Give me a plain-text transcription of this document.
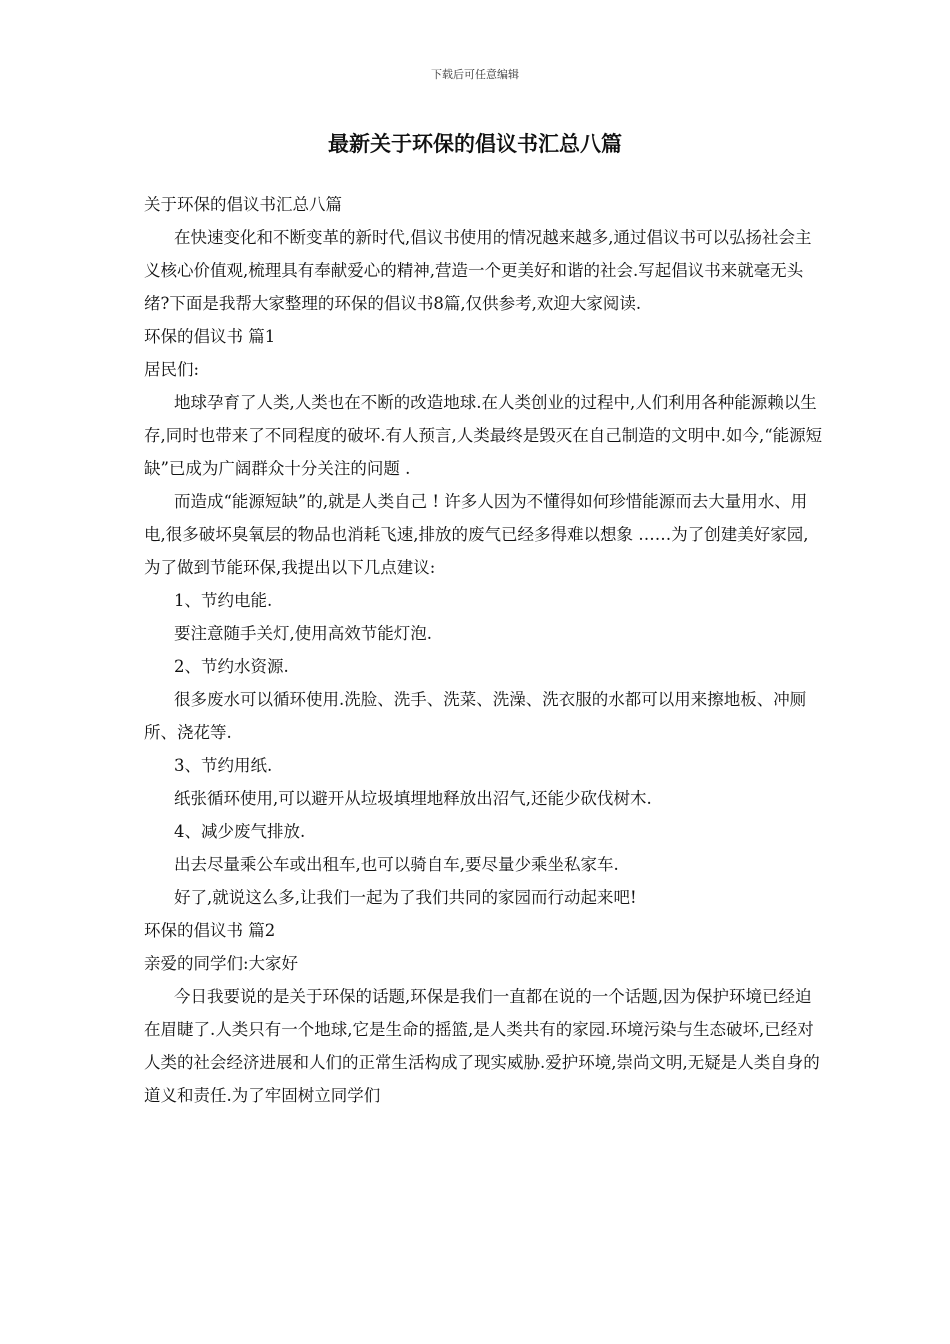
下载后可任意编辑
最新关于环保的倡议书汇总八篇

关于环保的倡议书汇总八篇

在快速变化和不断变革的新时代,倡议书使用的情况越来越多,通过倡议书可以弘扬社会主义核心价值观,梳理具有奉献爱心的精神,营造一个更美好和谐的社会.写起倡议书来就毫无头绪?下面是我帮大家整理的环保的倡议书8篇,仅供参考,欢迎大家阅读.

环保的倡议书 篇1

居民们:

地球孕育了人类,人类也在不断的改造地球.在人类创业的过程中,人们利用各种能源赖以生存,同时也带来了不同程度的破坏.有人预言,人类最终是毁灭在自己制造的文明中.如今,“能源短缺”已成为广阔群众十分关注的问题 .

而造成“能源短缺”的,就是人类自己 ! 许多人因为不懂得如何珍惜能源而去大量用水、用电,很多破坏臭氧层的物品也消耗飞速,排放的废气已经多得难以想象 ……为了创建美好家园,为了做到节能环保,我提出以下几点建议:

1、节约电能.

要注意随手关灯,使用高效节能灯泡.

2、节约水资源.

很多废水可以循环使用.洗脸、洗手、洗菜、洗澡、洗衣服的水都可以用来擦地板、冲厕所、浇花等.

3、节约用纸.

纸张循环使用,可以避开从垃圾填埋地释放出沼气,还能少砍伐树木.

4、减少废气排放.

出去尽量乘公车或出租车,也可以骑自车,要尽量少乘坐私家车.

好了,就说这么多,让我们一起为了我们共同的家园而行动起来吧!

环保的倡议书 篇2

亲爱的同学们:大家好

今日我要说的是关于环保的话题,环保是我们一直都在说的一个话题,因为保护环境已经迫在眉睫了.人类只有一个地球,它是生命的摇篮,是人类共有的家园.环境污染与生态破坏,已经对人类的社会经济进展和人们的正常生活构成了现实威胁.爱护环境,崇尚文明,无疑是人类自身的道义和责任.为了牢固树立同学们
